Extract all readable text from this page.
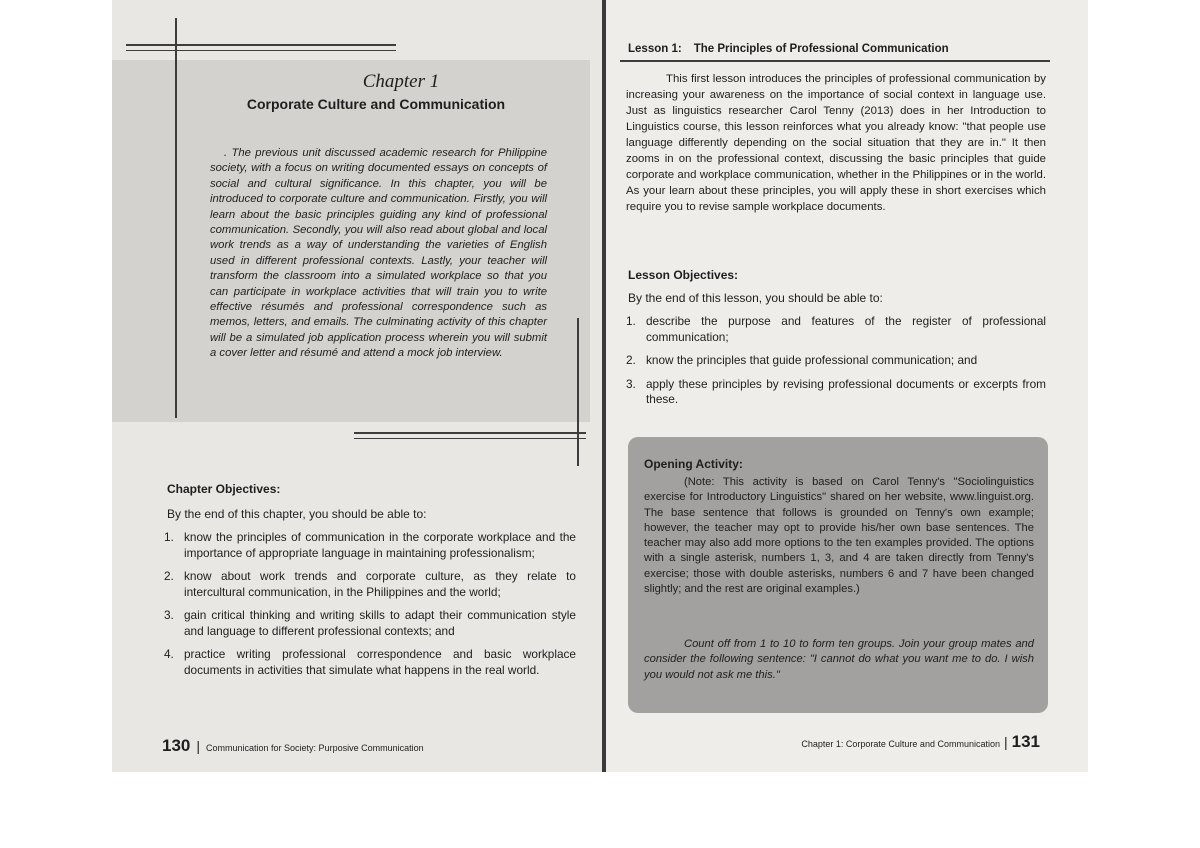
Chapter 1
Corporate Culture and Communication

. The previous unit discussed academic research for Philippine society, with a focus on writing documented essays on concepts of social and cultural significance. In this chapter, you will be introduced to corporate culture and communication. Firstly, you will learn about the basic principles guiding any kind of professional communication. Secondly, you will also read about global and local work trends as a way of understanding the varieties of English used in different professional contexts. Lastly, your teacher will transform the classroom into a simulated workplace so that you can participate in workplace activities that will train you to write effective résumés and professional correspondence such as memos, letters, and emails. The culminating activity of this chapter will be a simulated job application process wherein you will submit a cover letter and résumé and attend a mock job interview.

Chapter Objectives:

By the end of this chapter, you should be able to:

1. know the principles of communication in the corporate workplace and the importance of appropriate language in maintaining professionalism;
2. know about work trends and corporate culture, as they relate to intercultural communication, in the Philippines and the world;
3. gain critical thinking and writing skills to adapt their communication style and language to different professional contexts; and
4. practice writing professional correspondence and basic workplace documents in activities that simulate what happens in the real world.
130 | Communication for Society: Purposive Communication
Lesson 1: The Principles of Professional Communication

This first lesson introduces the principles of professional communication by increasing your awareness on the importance of social context in language use. Just as linguistics researcher Carol Tenny (2013) does in her Introduction to Linguistics course, this lesson reinforces what you already know: "that people use language differently depending on the social situation that they are in." It then zooms in on the professional context, discussing the basic principles that guide corporate and workplace communication, whether in the Philippines or in the world. As your learn about these principles, you will apply these in short exercises which require you to revise sample workplace documents.

Lesson Objectives:

By the end of this lesson, you should be able to:

1. describe the purpose and features of the register of professional communication;
2. know the principles that guide professional communication; and
3. apply these principles by revising professional documents or excerpts from these.

Opening Activity:

(Note: This activity is based on Carol Tenny's "Sociolinguistics exercise for Introductory Linguistics" shared on her website, www.linguist.org. The base sentence that follows is grounded on Tenny's own example; however, the teacher may opt to provide his/her own base sentences. The teacher may also add more options to the ten examples provided. The options with a single asterisk, numbers 1, 3, and 4 are taken directly from Tenny's exercise; those with double asterisks, numbers 6 and 7 have been changed slightly; and the rest are original examples.)

Count off from 1 to 10 to form ten groups. Join your group mates and consider the following sentence: "I cannot do what you want me to do. I wish you would not ask me this."

Chapter 1: Corporate Culture and Communication | 131
